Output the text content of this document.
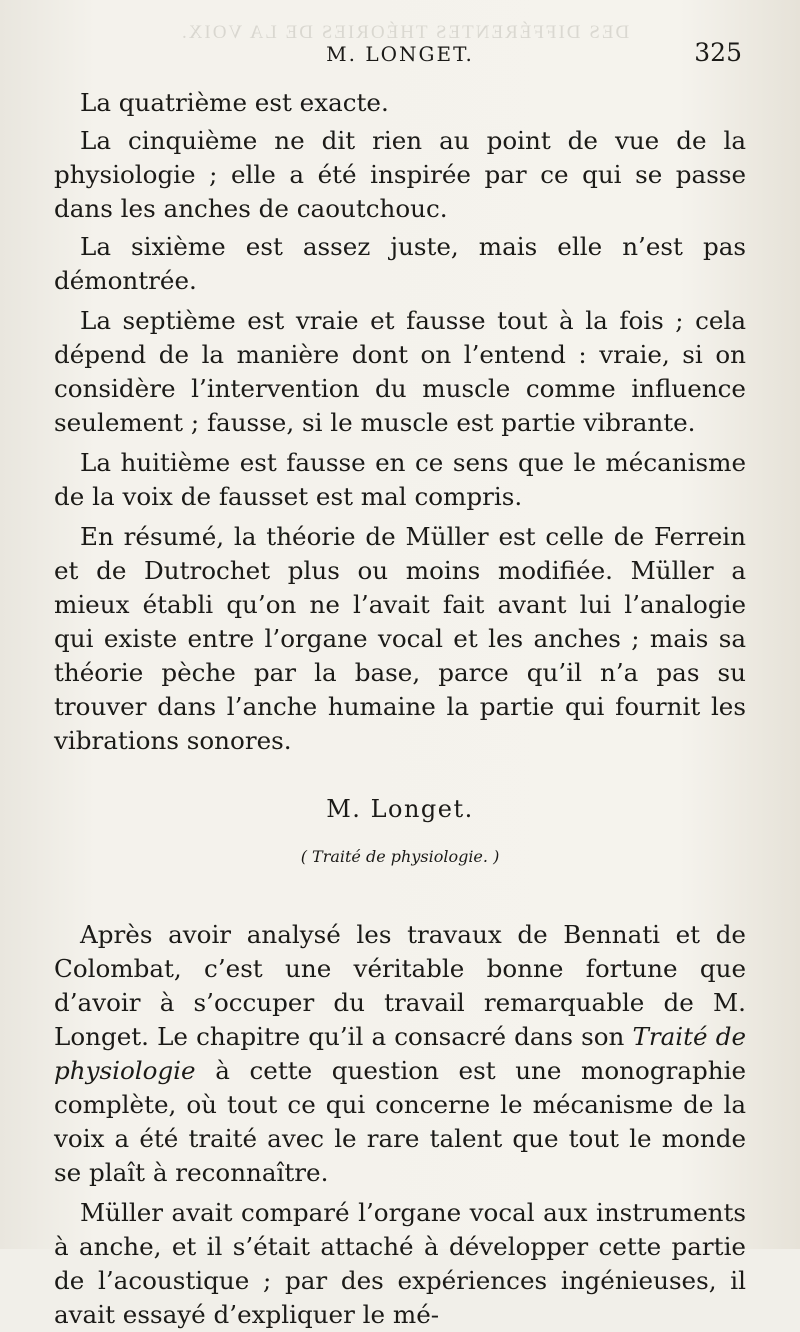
DES DIFFÉRENTES THÉORIES DE LA VOIX.
M. LONGET.	325

La quatrième est exacte.

La cinquième ne dit rien au point de vue de la physiologie ; elle a été inspirée par ce qui se passe dans les anches de caoutchouc.

La sixième est assez juste, mais elle n’est pas démontrée.

La septième est vraie et fausse tout à la fois ; cela dépend de la manière dont on l’entend : vraie, si on considère l’intervention du muscle comme influence seulement ; fausse, si le muscle est partie vibrante.

La huitième est fausse en ce sens que le mécanisme de la voix de fausset est mal compris.

En résumé, la théorie de Müller est celle de Ferrein et de Dutrochet plus ou moins modifiée. Müller a mieux établi qu’on ne l’avait fait avant lui l’analogie qui existe entre l’organe vocal et les anches ; mais sa théorie pèche par la base, parce qu’il n’a pas su trouver dans l’anche humaine la partie qui fournit les vibrations sonores.

M. Longet.
( Traité de physiologie. )

Après avoir analysé les travaux de Bennati et de Colombat, c’est une véritable bonne fortune que d’avoir à s’occuper du travail remarquable de M. Longet. Le chapitre qu’il a consacré dans son Traité de physiologie à cette question est une monographie complète, où tout ce qui concerne le mécanisme de la voix a été traité avec le rare talent que tout le monde se plaît à reconnaître.

Müller avait comparé l’organe vocal aux instruments à anche, et il s’était attaché à développer cette partie de l’acoustique ; par des expériences ingénieuses, il avait essayé d’expliquer le mé-
